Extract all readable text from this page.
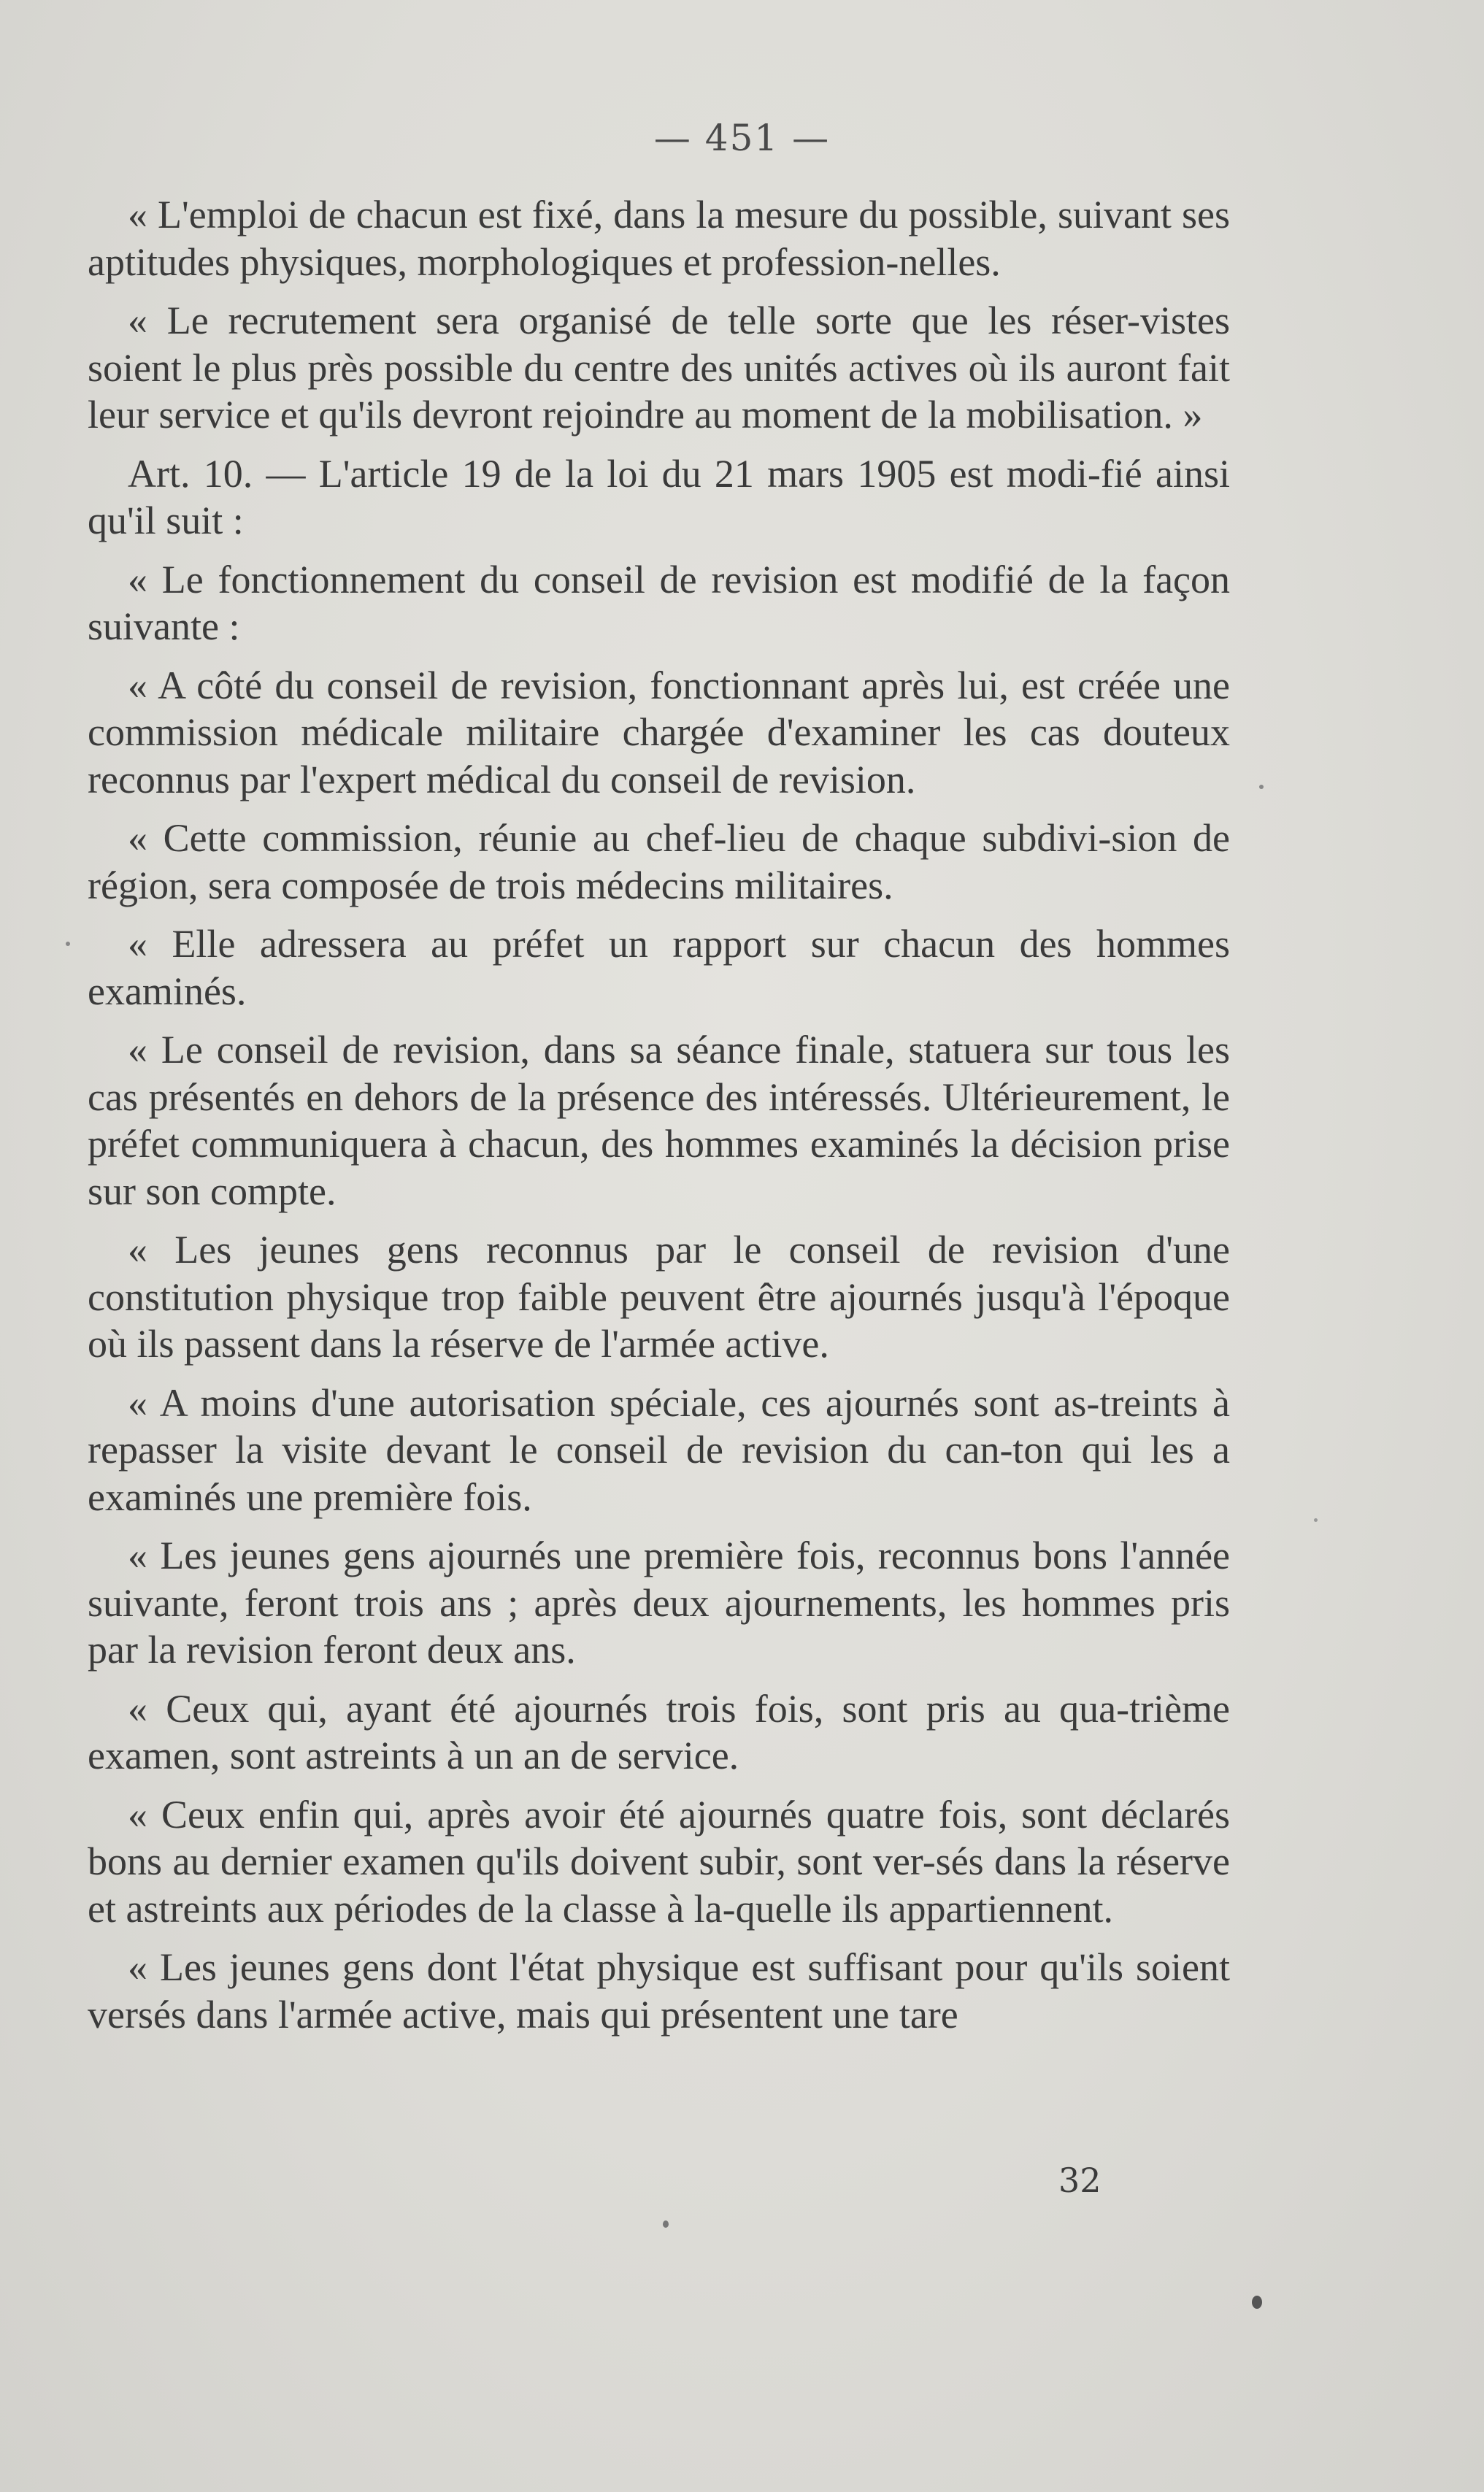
— 451 —

« L'emploi de chacun est fixé, dans la mesure du possible, suivant ses aptitudes physiques, morphologiques et profession-nelles.

« Le recrutement sera organisé de telle sorte que les réser-vistes soient le plus près possible du centre des unités actives où ils auront fait leur service et qu'ils devront rejoindre au moment de la mobilisation. »

Art. 10. — L'article 19 de la loi du 21 mars 1905 est modi-fié ainsi qu'il suit :

« Le fonctionnement du conseil de revision est modifié de la façon suivante :

« A côté du conseil de revision, fonctionnant après lui, est créée une commission médicale militaire chargée d'examiner les cas douteux reconnus par l'expert médical du conseil de revision.

« Cette commission, réunie au chef-lieu de chaque subdivi-sion de région, sera composée de trois médecins militaires.

« Elle adressera au préfet un rapport sur chacun des hommes examinés.

« Le conseil de revision, dans sa séance finale, statuera sur tous les cas présentés en dehors de la présence des intéressés. Ultérieurement, le préfet communiquera à chacun, des hommes examinés la décision prise sur son compte.

« Les jeunes gens reconnus par le conseil de revision d'une constitution physique trop faible peuvent être ajournés jusqu'à l'époque où ils passent dans la réserve de l'armée active.

« A moins d'une autorisation spéciale, ces ajournés sont as-treints à repasser la visite devant le conseil de revision du can-ton qui les a examinés une première fois.

« Les jeunes gens ajournés une première fois, reconnus bons l'année suivante, feront trois ans ; après deux ajournements, les hommes pris par la revision feront deux ans.

« Ceux qui, ayant été ajournés trois fois, sont pris au qua-trième examen, sont astreints à un an de service.

« Ceux enfin qui, après avoir été ajournés quatre fois, sont déclarés bons au dernier examen qu'ils doivent subir, sont ver-sés dans la réserve et astreints aux périodes de la classe à la-quelle ils appartiennent.

« Les jeunes gens dont l'état physique est suffisant pour qu'ils soient versés dans l'armée active, mais qui présentent une tare

32
